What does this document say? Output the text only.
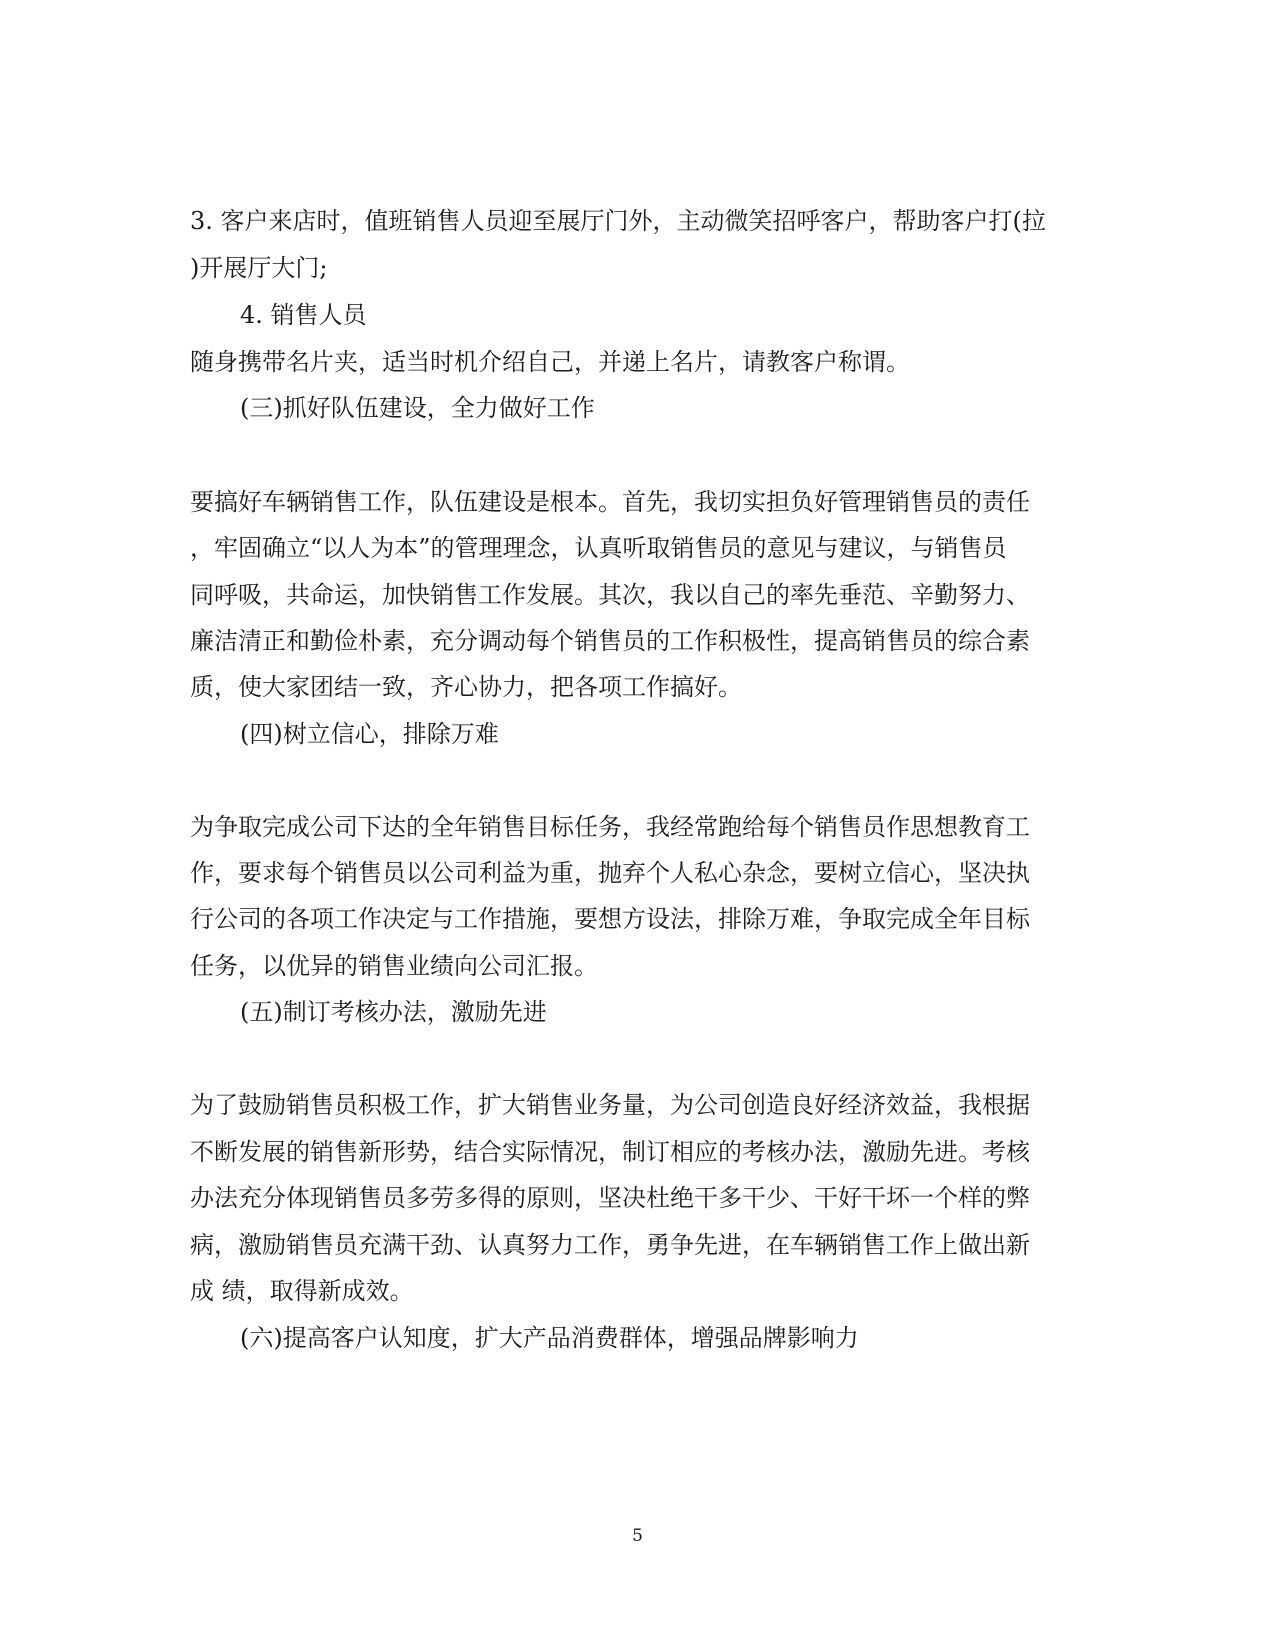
3. 客户来店时，值班销售人员迎至展厅门外，主动微笑招呼客户，帮助客户打(拉

)开展厅大门;

4. 销售人员

随身携带名片夹，适当时机介绍自己，并递上名片，请教客户称谓。

(三)抓好队伍建设，全力做好工作

要搞好车辆销售工作，队伍建设是根本。首先，我切实担负好管理销售员的责任

，牢固确立“以人为本”的管理理念，认真听取销售员的意见与建议，与销售员

同呼吸，共命运，加快销售工作发展。其次，我以自己的率先垂范、辛勤努力、

廉洁清正和勤俭朴素，充分调动每个销售员的工作积极性，提高销售员的综合素

质，使大家团结一致，齐心协力，把各项工作搞好。

(四)树立信心，排除万难

为争取完成公司下达的全年销售目标任务，我经常跑给每个销售员作思想教育工

作，要求每个销售员以公司利益为重，抛弃个人私心杂念，要树立信心，坚决执

行公司的各项工作决定与工作措施，要想方设法，排除万难，争取完成全年目标

任务，以优异的销售业绩向公司汇报。

(五)制订考核办法，激励先进

为了鼓励销售员积极工作，扩大销售业务量，为公司创造良好经济效益，我根据

不断发展的销售新形势，结合实际情况，制订相应的考核办法，激励先进。考核

办法充分体现销售员多劳多得的原则，坚决杜绝干多干少、干好干坏一个样的弊

病，激励销售员充满干劲、认真努力工作，勇争先进，在车辆销售工作上做出新

成 绩，取得新成效。

(六)提高客户认知度，扩大产品消费群体，增强品牌影响力

5
